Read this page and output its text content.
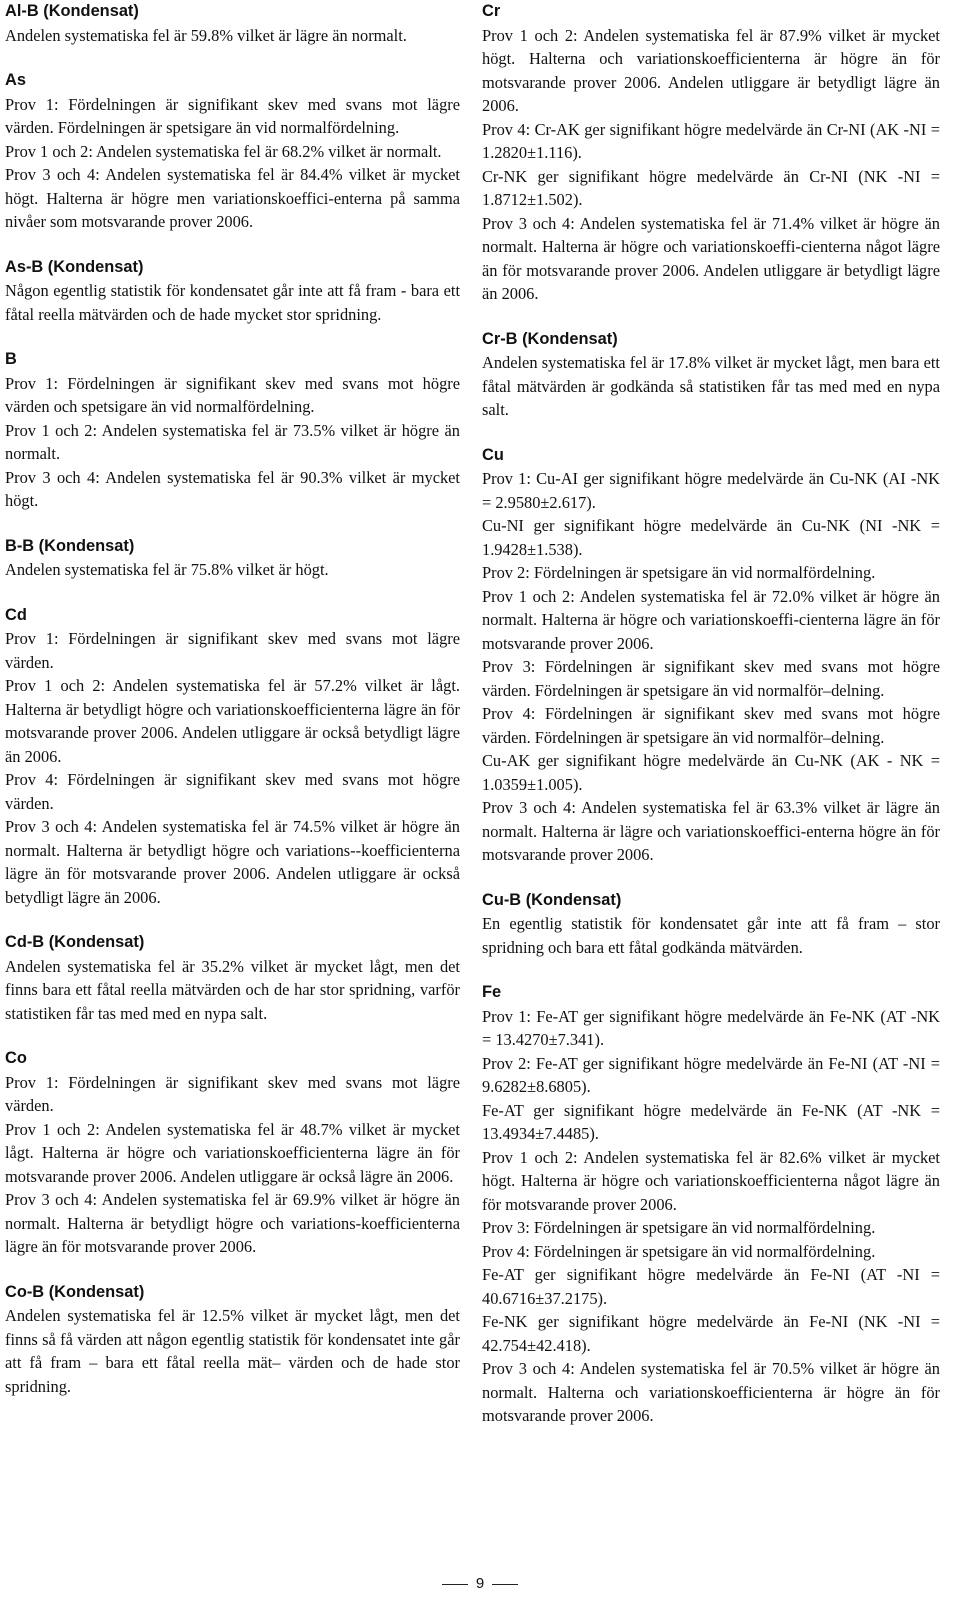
Al-B (Kondensat)

Andelen systematiska fel är 59.8% vilket är lägre än normalt.

As

Prov 1: Fördelningen är signifikant skev med svans mot lägre värden. Fördelningen är spetsigare än vid normalfördelning.

Prov 1 och 2: Andelen systematiska fel är 68.2% vilket är normalt.

Prov 3 och 4: Andelen systematiska fel är 84.4% vilket är mycket högt. Halterna är högre men variationskoeffici-enterna på samma nivåer som motsvarande prover 2006.

As-B (Kondensat)

Någon egentlig statistik för kondensatet går inte att få fram - bara ett fåtal reella mätvärden och de hade mycket stor spridning.

B

Prov 1: Fördelningen är signifikant skev med svans mot högre värden och spetsigare än vid normalfördelning.

Prov 1 och 2: Andelen systematiska fel är 73.5% vilket är högre än normalt.

Prov 3 och 4: Andelen systematiska fel är 90.3% vilket är mycket högt.

B-B (Kondensat)

Andelen systematiska fel är 75.8% vilket är högt.

Cd

Prov 1: Fördelningen är signifikant skev med svans mot lägre värden.

Prov 1 och 2: Andelen systematiska fel är 57.2% vilket är lågt. Halterna är betydligt högre och variationskoefficienterna lägre än för motsvarande prover 2006. Andelen utliggare är också betydligt lägre än 2006.

Prov 4: Fördelningen är signifikant skev med svans mot högre värden.

Prov 3 och 4: Andelen systematiska fel är 74.5% vilket är högre än normalt. Halterna är betydligt högre och variations--koefficienterna lägre än för motsvarande prover 2006. Andelen utliggare är också betydligt lägre än 2006.

Cd-B (Kondensat)

Andelen systematiska fel är 35.2% vilket är mycket lågt, men det finns bara ett fåtal reella mätvärden och de har stor spridning, varför statistiken får tas med med en nypa salt.

Co

Prov 1: Fördelningen är signifikant skev med svans mot lägre värden.

Prov 1 och 2: Andelen systematiska fel är 48.7% vilket är mycket lågt. Halterna är högre och variationskoefficienterna lägre än för motsvarande prover 2006. Andelen utliggare är också lägre än 2006.

Prov 3 och 4: Andelen systematiska fel är 69.9% vilket är högre än normalt. Halterna är betydligt högre och variations-koefficienterna lägre än för motsvarande prover 2006.

Co-B (Kondensat)

Andelen systematiska fel är 12.5% vilket är mycket lågt, men det finns så få värden att någon egentlig statistik för kondensatet inte går att få fram – bara ett fåtal reella mät– värden och de hade stor spridning.

Cr

Prov 1 och 2: Andelen systematiska fel är 87.9% vilket är mycket högt. Halterna och variationskoefficienterna är högre än för motsvarande prover 2006. Andelen utliggare är betydligt lägre än 2006.

Prov 4: Cr-AK ger signifikant högre medelvärde än Cr-NI (AK -NI = 1.2820±1.116).

Cr-NK ger signifikant högre medelvärde än Cr-NI (NK -NI = 1.8712±1.502).

Prov 3 och 4: Andelen systematiska fel är 71.4% vilket är högre än normalt. Halterna är högre och variationskoeffi-cienterna något lägre än för motsvarande prover 2006. Andelen utliggare är betydligt lägre än 2006.

Cr-B (Kondensat)

Andelen systematiska fel är 17.8% vilket är mycket lågt, men bara ett fåtal mätvärden är godkända så statistiken får tas med med en nypa salt.

Cu

Prov 1: Cu-AI ger signifikant högre medelvärde än Cu-NK (AI -NK = 2.9580±2.617).

Cu-NI ger signifikant högre medelvärde än Cu-NK (NI -NK = 1.9428±1.538).

Prov 2: Fördelningen är spetsigare än vid normalfördelning.

Prov 1 och 2: Andelen systematiska fel är 72.0% vilket är högre än normalt. Halterna är högre och variationskoeffi-cienterna lägre än för motsvarande prover 2006.

Prov 3: Fördelningen är signifikant skev med svans mot högre värden. Fördelningen är spetsigare än vid normalför–delning.

Prov 4: Fördelningen är signifikant skev med svans mot högre värden. Fördelningen är spetsigare än vid normalför–delning.

Cu-AK ger signifikant högre medelvärde än Cu-NK (AK - NK = 1.0359±1.005).

Prov 3 och 4: Andelen systematiska fel är 63.3% vilket är lägre än normalt. Halterna är lägre och variationskoeffici-enterna högre än för motsvarande prover 2006.

Cu-B (Kondensat)

En egentlig statistik för kondensatet går inte att få fram – stor spridning och bara ett fåtal godkända mätvärden.

Fe

Prov 1: Fe-AT ger signifikant högre medelvärde än Fe-NK (AT -NK = 13.4270±7.341).

Prov 2: Fe-AT ger signifikant högre medelvärde än Fe-NI (AT -NI = 9.6282±8.6805).

Fe-AT ger signifikant högre medelvärde än Fe-NK (AT -NK = 13.4934±7.4485).

Prov 1 och 2: Andelen systematiska fel är 82.6% vilket är mycket högt. Halterna är högre och variationskoefficienterna något lägre än för motsvarande prover 2006.

Prov 3: Fördelningen är spetsigare än vid normalfördelning.

Prov 4: Fördelningen är spetsigare än vid normalfördelning.

Fe-AT ger signifikant högre medelvärde än Fe-NI (AT -NI = 40.6716±37.2175).

Fe-NK ger signifikant högre medelvärde än Fe-NI (NK -NI = 42.754±42.418).

Prov 3 och 4: Andelen systematiska fel är 70.5% vilket är högre än normalt. Halterna och variationskoefficienterna är högre än för motsvarande prover 2006.

9
